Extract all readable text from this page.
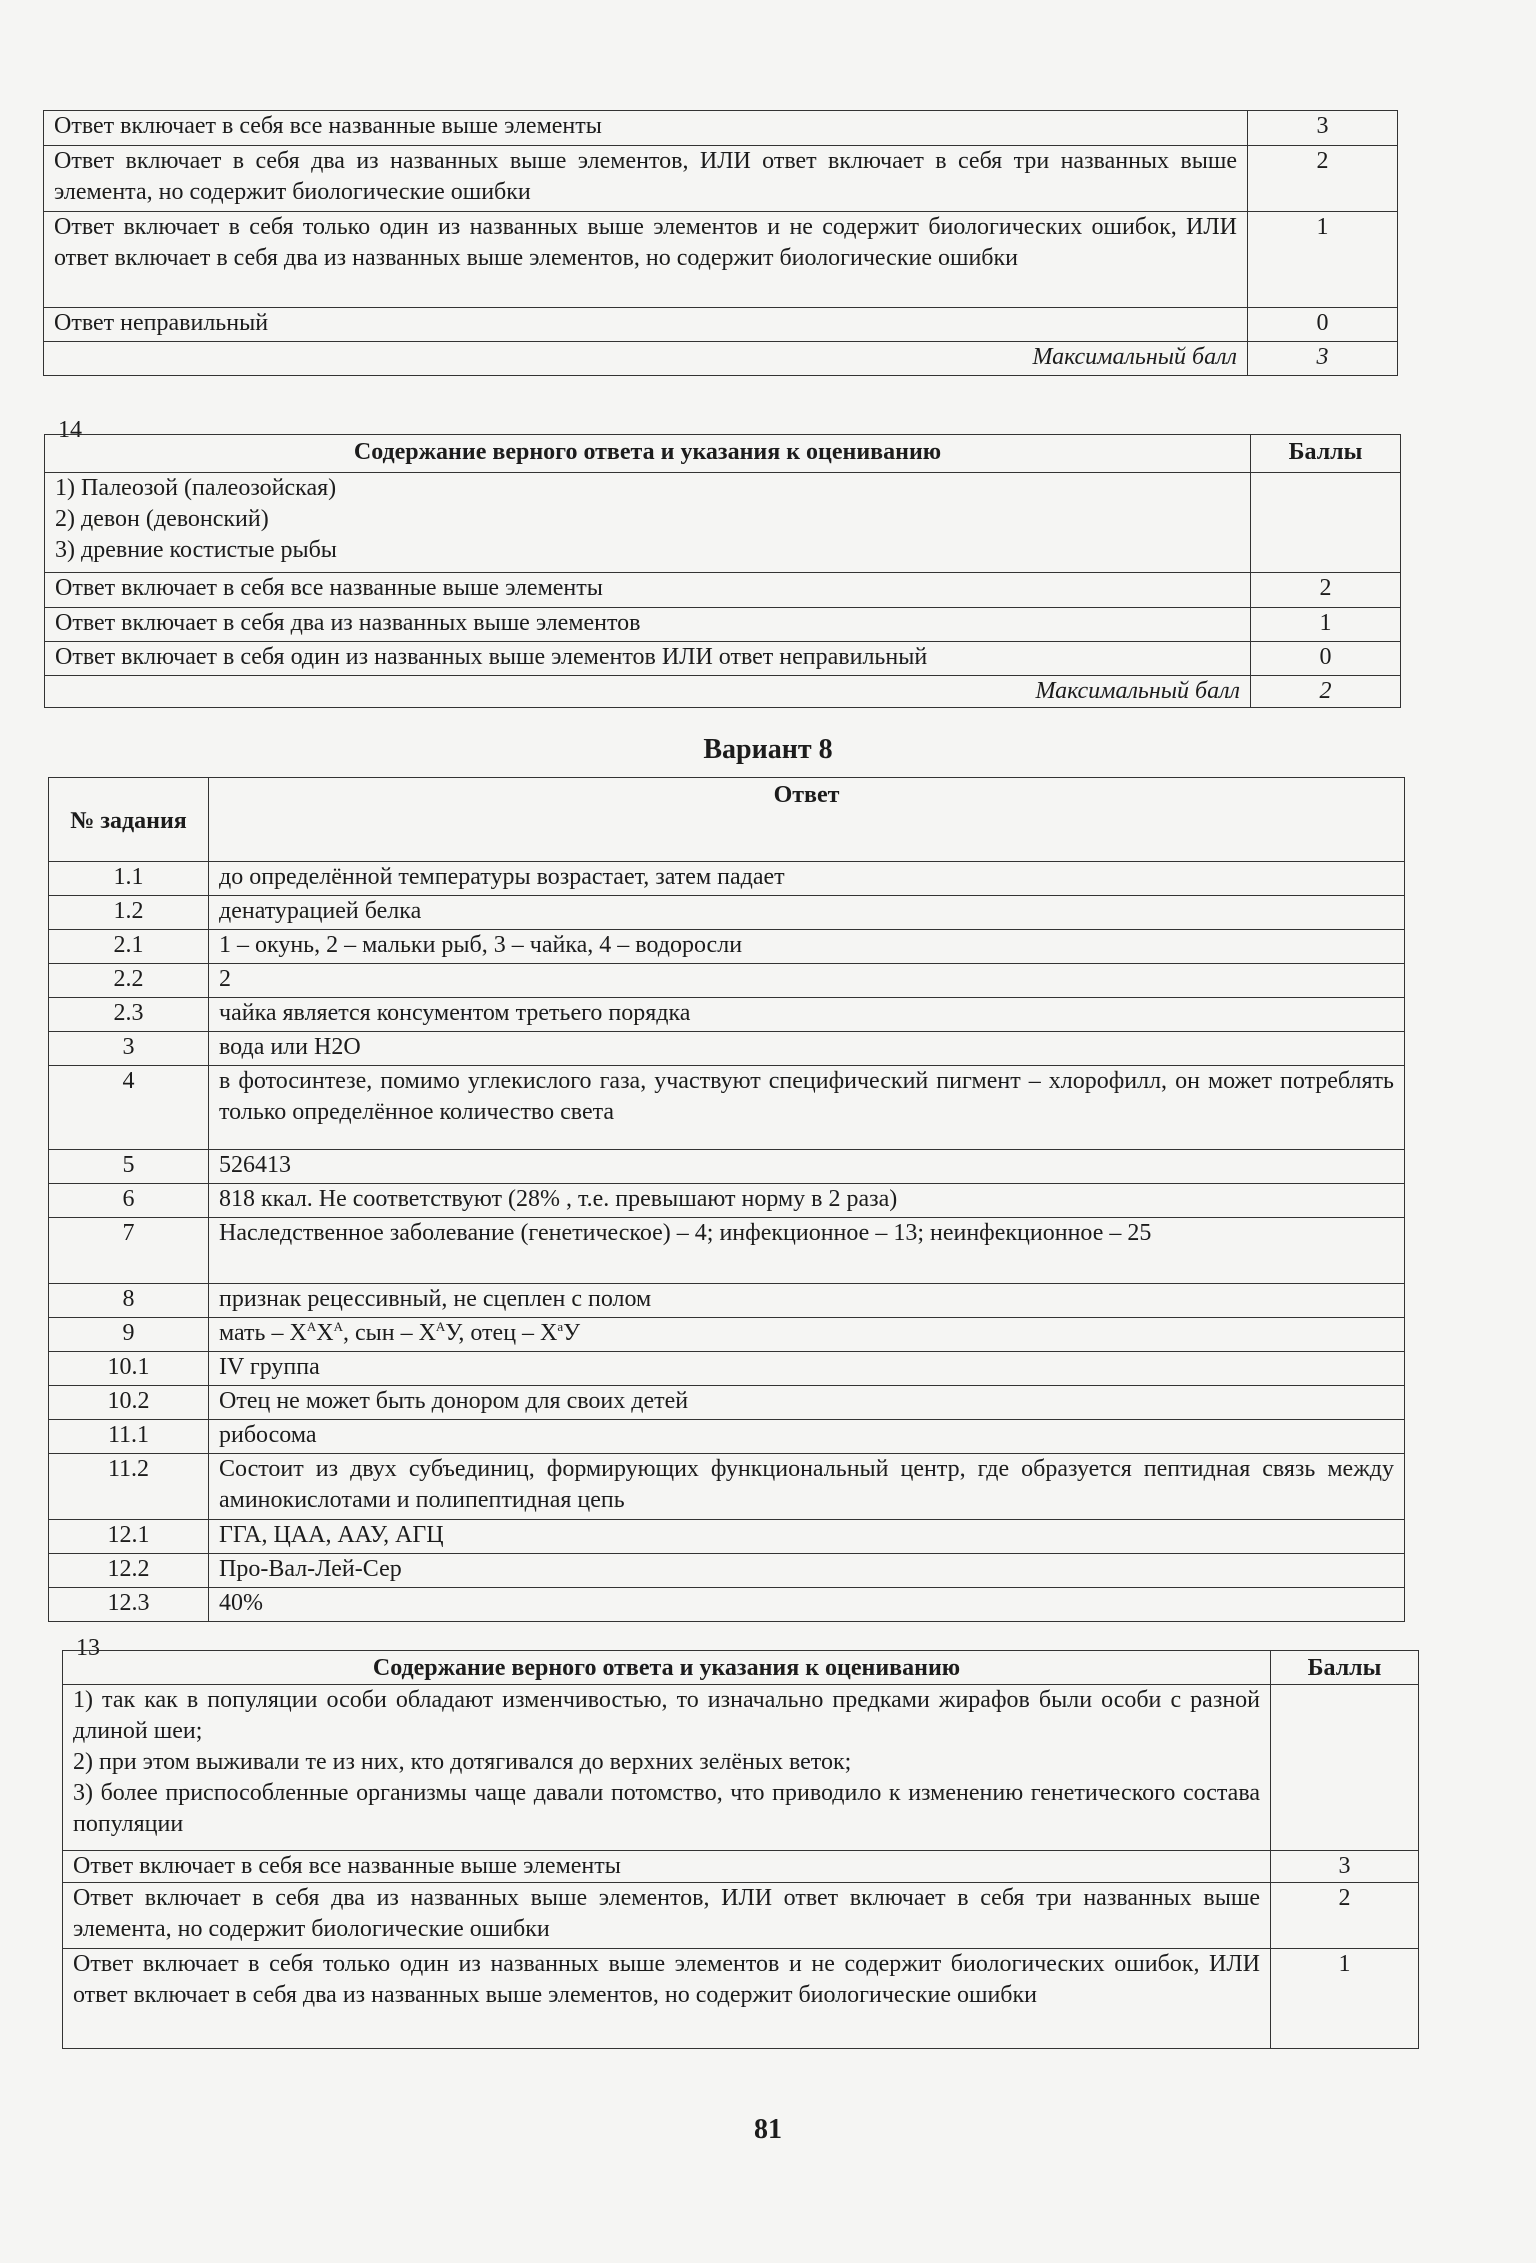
Ответ включает в себя все названные выше элементы	3
Ответ включает в себя два из названных выше элементов, ИЛИ ответ включает в себя три названных выше элемента, но содержит биологические ошибки	2
Ответ включает в себя только один из названных выше элементов и не содержит биологических ошибок, ИЛИ ответ включает в себя два из названных выше элементов, но содержит биологические ошибки	1
Ответ неправильный	0
Максимальный балл	3
14
Содержание верного ответа и указания к оцениванию	Баллы

1) Палеозой (палеозойская)
2) девон (девонский)
3) древние костистые рыбы	

Ответ включает в себя все названные выше элементы	2
Ответ включает в себя два из названных выше элементов	1
Ответ включает в себя один из названных выше элементов ИЛИ ответ неправильный	0
Максимальный балл	2
Вариант 8
№ задания	Ответ
1.1	до определённой температуры возрастает, затем падает
1.2	денатурацией белка
2.1	1 – окунь, 2 – мальки рыб, 3 – чайка, 4 – водоросли
2.2	2
2.3	чайка является консументом третьего порядка
3	вода или H2O
4	в фотосинтезе, помимо углекислого газа, участвуют специфический пигмент – хлорофилл, он может потреблять только определённое количество света
5	526413
6	818 ккал. Не соответствуют (28% , т.е. превышают норму в 2 раза)
7	Наследственное заболевание (генетическое) – 4; инфекционное – 13; неинфекционное – 25
8	признак рецессивный, не сцеплен с полом
9	мать – $X^AX^A$, сын – $X^AУ$, отец – $X^aУ$
10.1	IV группа
10.2	Отец не может быть донором для своих детей
11.1	рибосома
11.2	Состоит из двух субъединиц, формирующих функциональный центр, где образуется пептидная связь между аминокислотами и полипептидная цепь
12.1	ГГА, ЦАА, ААУ, АГЦ
12.2	Про-Вал-Лей-Сер
12.3	40%
13
Содержание верного ответа и указания к оцениванию	Баллы

1) так как в популяции особи обладают изменчивостью, то изначально предками жирафов были особи с разной длиной шеи;
2) при этом выживали те из них, кто дотягивался до верхних зелёных веток;
3) более приспособленные организмы чаще давали потомство, что приводило к изменению генетического состава популяции	

Ответ включает в себя все названные выше элементы	3
Ответ включает в себя два из названных выше элементов, ИЛИ ответ включает в себя три названных выше элемента, но содержит биологические ошибки	2
Ответ включает в себя только один из названных выше элементов и не содержит биологических ошибок, ИЛИ ответ включает в себя два из названных выше элементов, но содержит биологические ошибки	1
81
